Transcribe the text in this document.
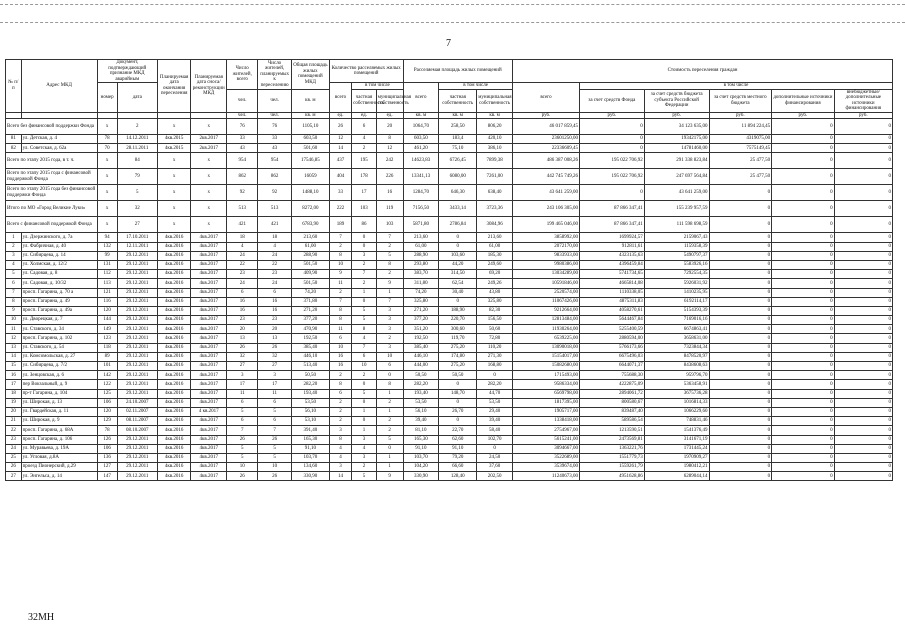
7
№ п/п	Адрес МКД	Документ, подтверждающий признание МКД аварийным		Планируемая дата окончания переселения	Планируемая дата сноса/ реконструкции МКД	Число жителей, всего	Число жителей, планируемых к переселению	Общая площадь жилых помещений МКД	Количество расселяемых жилых помещений			Расселяемая площадь жилых помещений			Стоимость переселения граждан					
		номер	дата						всего	в том числе		всего	в том числе		всего	в том числе				
						чел.	чел.	кв. м		частная собственность	муниципальная собственность		частная собственность	муниципальная собственность		за счет средств Фонда	за счет средств бюджета субъекта Российской Федерации	за счет средств местного бюджета	дополнительные источники финансирования	внебюджетные/ дополнительные источники финансирования
						чел.	чел.	кв. м	ед.	ед.	ед.	кв. м	кв. м	кв. м	руб.	руб.	руб.	руб.	руб.	руб.
Всего без финансовой поддержки Фонда		x	2	x	x	76	76	1105,10	26	6	20	1064,70	258,50	806,20	46 017 859,45	0	34 123 635,00	11 894 224,45	0	0
81	ул. Детская, д. 4	78	14.12.2011	4кв.2015	2кв.2017	33	33	603,50	12	4	8	603,50	183,4	420,10	23601250,00	0	19342175,00	4319075,00	0	0
82	ул. Советская, д. 62а	70	28.11.2011	4кв.2015	2кв.2017	43	43	501,60	14	2	12	461,20	75,10	386,10	22336609,45	0	14781460,00	7575149,45	0	0
Всего по этапу 2015 года, в т. ч.		x	84	x	x	954	954	17546,85	437	195	242	14623,83	6726,45	7899,38	486 387 008,26	195 022 706,92	291 338 823,84	25 477,50	0	0
Всего по этапу 2015 года с финансовой поддержкой Фонда		x	79	x	x	862	862	16059	404	178	226	13341,13	6080,00	7261,00	442 745 749,26	195 022 706,92	247 697 564,84	25 477,50	0	0
Всего по этапу 2015 года без финансовой поддержки Фонда		x	5	x	x	92	92	1488,10	33	17	16	1284,70	646,30	638,40	43 641 259,00	0	43 641 259,00	0	0	0
Итого по МО «Город Великие Луки»		x	32	x	x	513	513	8272,00	222	103	119	7156,50	3433,14	3723,36	243 106 305,00	87 866 347,41	155 239 957,59	0	0	0
Всего с финансовой поддержкой Фонда		x	27	x	x	421	421	6783,90	189	86	103	5871,80	2786,84	3084,96	199 465 046,00	87 866 347,41	111 598 698,59	0	0	0
1	ул. Дзержинского, д. 7а	94	17.10.2011	4кв.2016	4кв.2017	18	18	213,60	7	0	7	213,60	0	213,60	3858992,00	1699924,57	2159067,43	0	0	0
2	ул. Фабричная, д. 40	132	12.11.2011	4кв.2016	4кв.2017	4	4	61,00	2	0	2	61,00	0	61,00	2072170,00	912811,61	1159358,39	0	0	0
3	ул. Сибирцева, д. 14	99	29.12.2011	4кв.2016	4кв.2017	24	24	288,90	8	3	5	288,90	103,60	185,30	9833933,00	4323135,63	5490797,37	0	0	0
4	ул. Холмская, д. 12/2	131	29.12.2011	4кв.2016	4кв.2017	22	22	501,50	10	2	8	293,80	44,20	249,60	9980386,00	4396459,84	5583926,16	0	0	0
5	ул. Садовая, д. 8	112	29.12.2011	4кв.2016	4кв.2017	23	23	409,90	9	7	2	383,70	314,50	69,20	13034289,00	5741734,65	7292554,35	0	0	0
6	ул. Садовая, д. 10/32	113	29.12.2011	4кв.2016	4кв.2017	24	24	501,50	11	2	9	311,80	62,54	249,26	10591846,00	4665814,08	5926031,92	0	0	0
7	просп. Гагарина, д. 70 а	121	29.12.2011	4кв.2016	4кв.2017	6	6	74,20	2	1	1	74,20	30,40	43,80	2520574,00	1110338,05	1410235,95	0	0	0
8	просп. Гагарина, д. 49	116	29.12.2011	4кв.2016	4кв.2017	16	16	371,80	7	0	7	325,80	0	325,80	11067426,00	4875311,83	6192114,17	0	0	0
9	просп. Гагарина, д. 49а	120	29.12.2011	4кв.2016	4кв.2017	16	16	271,20	8	5	3	271,20	188,90	82,30	9212664,00	4058270,61	5154393,39	0	0	0
10	ул. Дворецкая, д. 7	144	29.12.2011	4кв.2016	4кв.2017	23	23	377,20	8	5	3	377,20	220,70	156,50	12813484,00	5644467,84	7169016,16	0	0	0
11	ул. Ставского, д. 34	149	29.12.2011	4кв.2016	4кв.2017	20	20	470,90	11	8	3	351,20	300,60	50,60	11930264,00	5255400,59	6674863,41	0	0	0
12	просп. Гагарина, д. 102	123	29.12.2011	4кв.2016	4кв.2017	13	13	192,50	6	4	2	192,50	119,70	72,80	6539225,00	2880594,00	3658631,00	0	0	0
13	ул. Ставского, д. 54	118	29.12.2011	4кв.2016	4кв.2017	26	26	385,40	10	7	3	385,40	275,20	110,20	13090018,00	5766173,66	7323844,34	0	0	0
14	ул. Комсомольская, д. 27	89	29.12.2011	4кв.2016	4кв.2017	32	32	446,10	16	6	10	446,10	174,80	271,30	15154017,00	6675496,03	8478520,97	0	0	0
15	ул. Сибирцева, д. 7/2	101	29.12.2011	4кв.2016	4кв.2017	27	27	513,40	16	10	6	444,00	275,20	168,80	15082680,00	6644071,37	8438608,63	0	0	0
16	ул. Зенцовская, д. 6	142	29.12.2011	4кв.2016	4кв.2017	3	3	50,50	2	2	0	50,50	50,50	0	1715493,00	755688,30	959796,70	0	0	0
17	пер Вокзальный, д. 9	122	29.12.2011	4кв.2016	4кв.2017	17	17	282,20	8	0	8	282,20	0	282,20	9586334,00	4222875,09	5363458,91	0	0	0
18	пр-т Гагарина, д. 104	125	29.12.2011	4кв.2016	4кв.2017	11	11	193,40	6	5	1	193,40	148,70	44,70	6569798,00	2894061,72	3675736,28	0	0	0
19	ул. Широкая, д. 13	106	24.10.2007	4кв.2016	4кв.2017	6	6	53,50	2	0	2	53,50	0	53,50	1817395,00	800580,67	1016814,33	0	0	0
20	ул. Гвардейская, д. 11	120	02.11.2007	4кв.2016	4 кв.2017	5	5	56,10	2	1	1	56,10	26,70	29,40	1905717,00	839487,40	1066229,60	0	0	0
21	ул. Широкая, д. 9	129	08.11.2007	4кв.2016	4кв.2017	6	6	53,10	2	0	2	39,40	0	39,40	1338418,00	589586,54	748831,46	0	0	0
22	просп. Гагарина, д. 68А	78	08.10.2007	4кв.2016	4кв.2017	7	7	391,40	3	1	2	81,10	22,70	58,40	2754967,00	1213590,51	1541376,49	0	0	0
23	просп. Гагарина, д. 106	126	29.12.2011	4кв.2016	4кв.2017	26	26	165,30	8	3	5	165,30	62,60	102,70	5615241,00	2473569,81	3141671,19	0	0	0
24	ул. Муравьева, д. 19А	106	29.12.2011	4кв.2016	4кв.2017	5	5	91,10	4	4	0	91,10	91,10	0	3094667,00	1363221,76	1731445,24	0	0	0
25	ул. Угловая, д.8А	136	29.12.2011	4кв.2016	4кв.2017	5	5	103,70	4	3	1	103,70	79,20	24,50	3522689,00	1551779,73	1970909,27	0	0	0
26	проезд Пионерский, д.29	127	29.12.2011	4кв.2016	4кв.2017	10	10	134,60	3	2	1	104,20	66,60	37,60	3539674,00	1559261,79	1980412,21	0	0	0
27	ул. Энгельса, д. 14	147	29.12.2011	4кв.2016	4кв.2017	26	26	330,90	14	5	9	330,90	128,40	202,50	11240673,00	4951628,86	6289044,14	0	0	0
32МН
